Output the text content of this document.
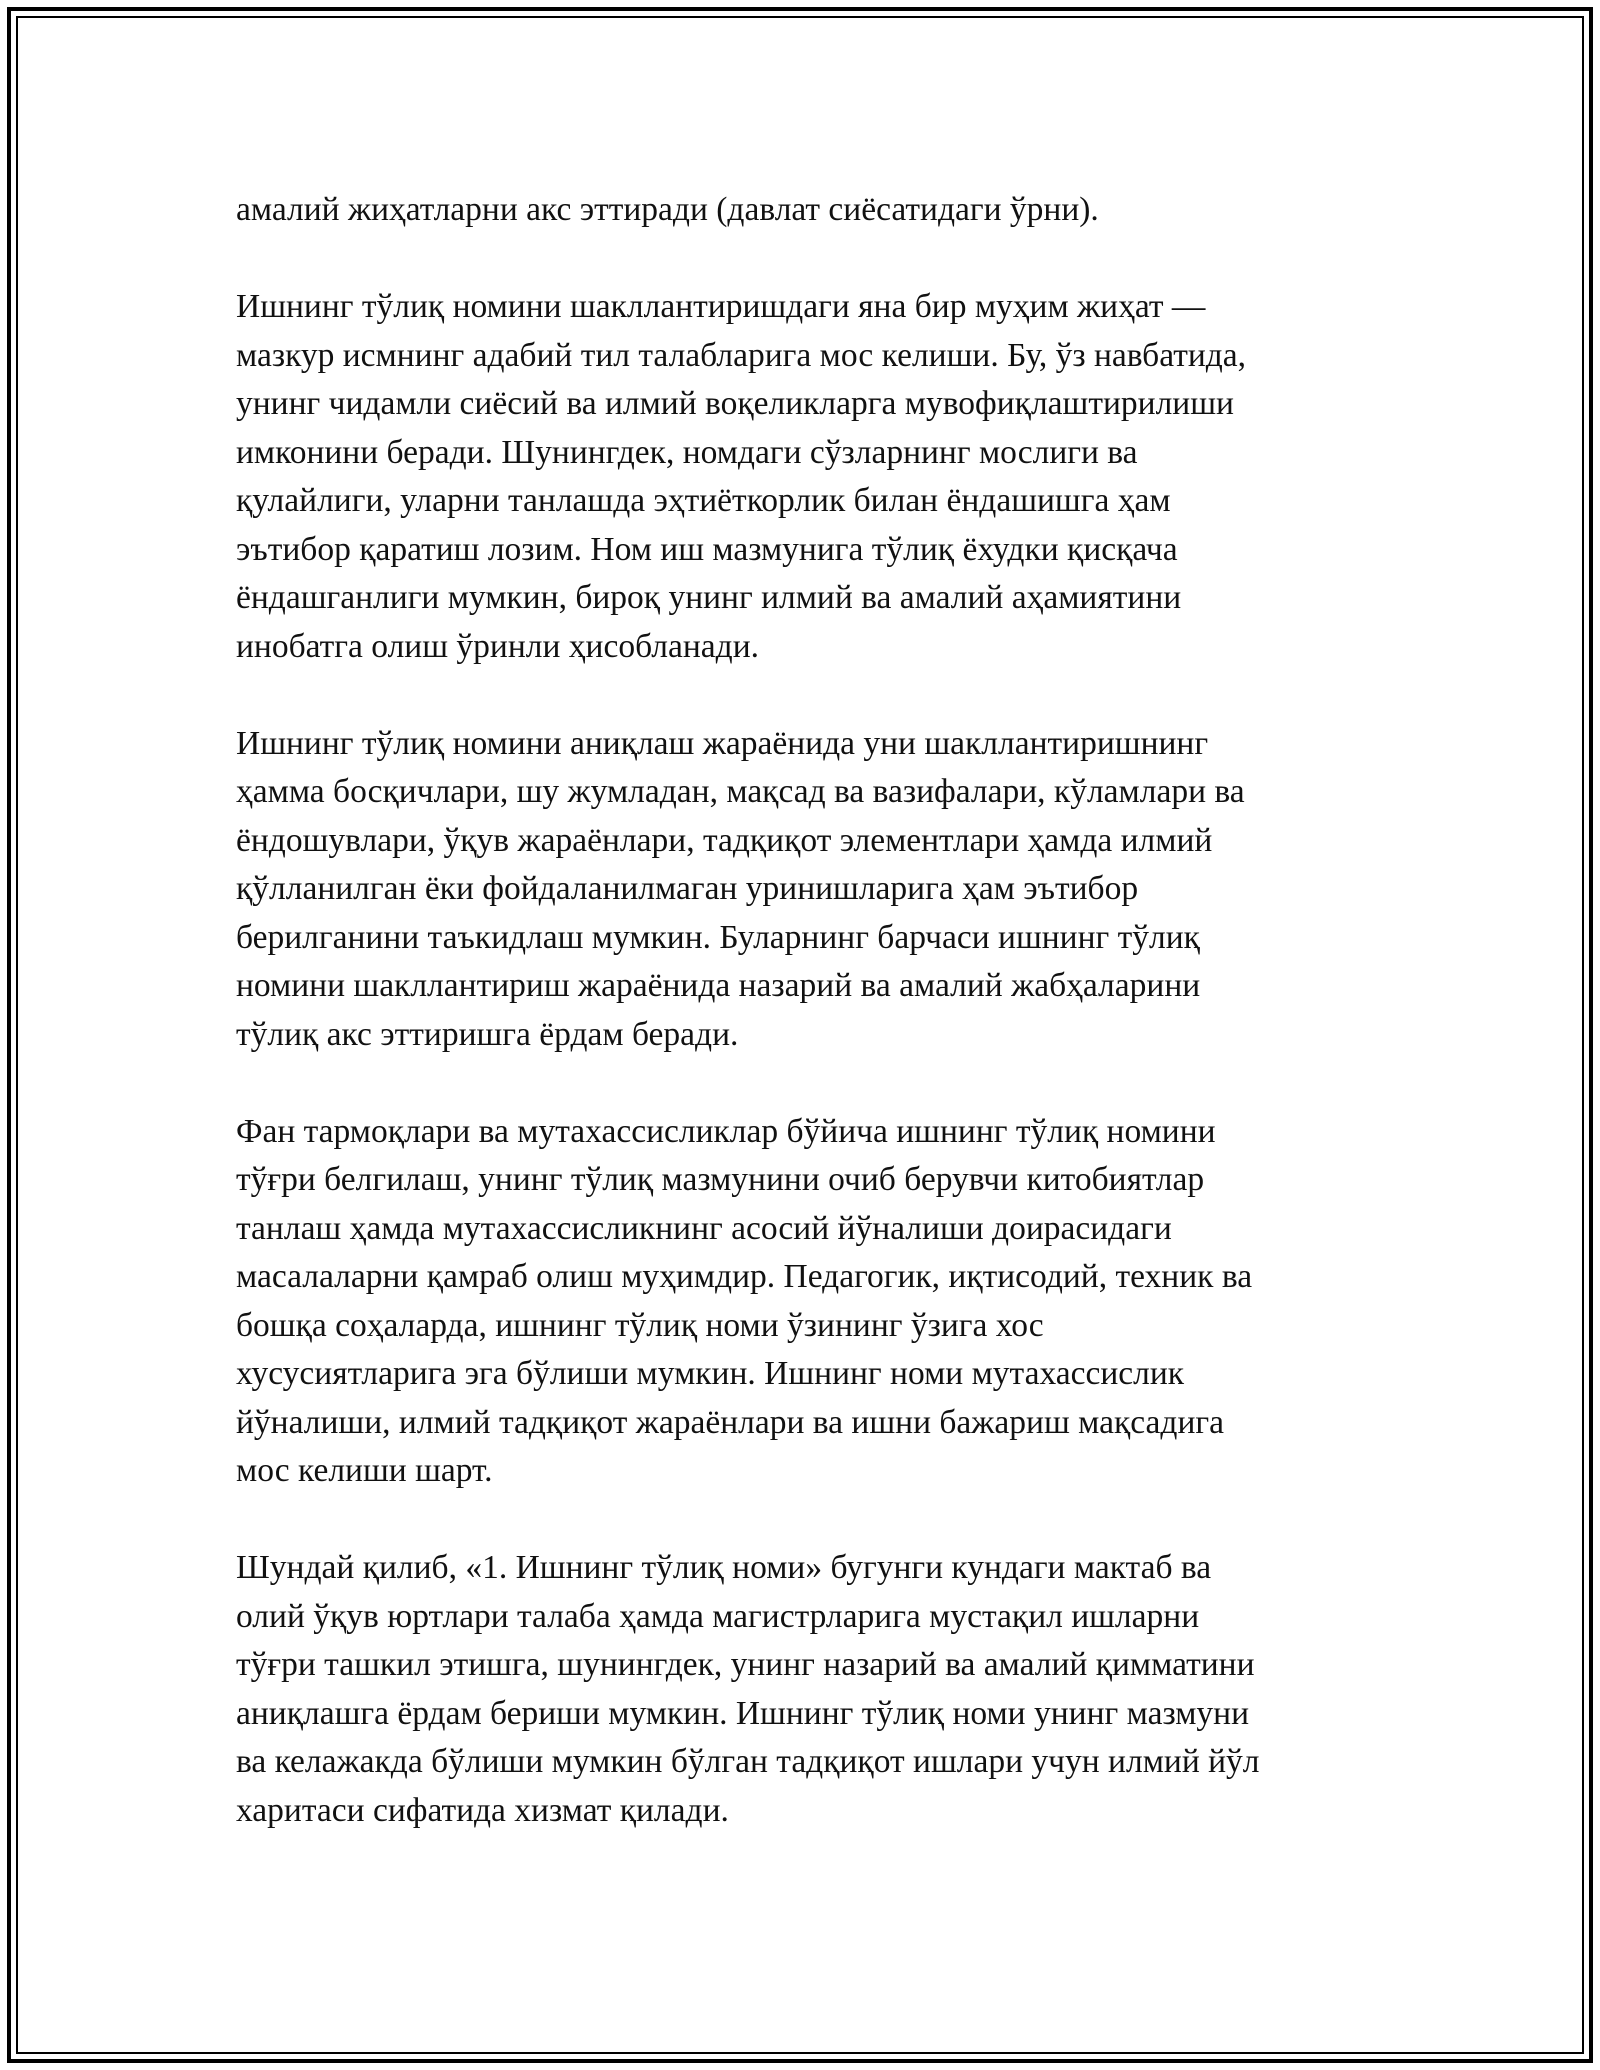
амалий жиҳатларни акс эттиради (давлат сиёсатидаги ўрни).

Ишнинг тўлиқ номини шакллантиришдаги яна бир муҳим жиҳат —
мазкур исмнинг адабий тил талабларига мос келиши. Бу, ўз навбатида,
унинг чидамли сиёсий ва илмий воқеликларга мувофиқлаштирилиши
имконини беради. Шунингдек, номдаги сўзларнинг мослиги ва
қулайлиги, уларни танлашда эҳтиёткорлик билан ёндашишга ҳам
эътибор қаратиш лозим. Ном иш мазмунига тўлиқ ёхудки қисқача
ёндашганлиги мумкин, бироқ унинг илмий ва амалий аҳамиятини
инобатга олиш ўринли ҳисобланади.

Ишнинг тўлиқ номини аниқлаш жараёнида уни шакллантиришнинг
ҳамма босқичлари, шу жумладан, мақсад ва вазифалари, кўламлари ва
ёндошувлари, ўқув жараёнлари, тадқиқот элементлари ҳамда илмий
қўлланилган ёки фойдаланилмаган уринишларига ҳам эътибор
берилганини таъкидлаш мумкин. Буларнинг барчаси ишнинг тўлиқ
номини шакллантириш жараёнида назарий ва амалий жабҳаларини
тўлиқ акс эттиришга ёрдам беради.

Фан тармоқлари ва мутахассисликлар бўйича ишнинг тўлиқ номини
тўғри белгилаш, унинг тўлиқ мазмунини очиб берувчи китобиятлар
танлаш ҳамда мутахассисликнинг асосий йўналиши доирасидаги
масалаларни қамраб олиш муҳимдир. Педагогик, иқтисодий, техник ва
бошқа соҳаларда, ишнинг тўлиқ номи ўзининг ўзига хос
хусусиятларига эга бўлиши мумкин. Ишнинг номи мутахассислик
йўналиши, илмий тадқиқот жараёнлари ва ишни бажариш мақсадига
мос келиши шарт.

Шундай қилиб, «1. Ишнинг тўлиқ номи» бугунги кундаги мактаб ва
олий ўқув юртлари талаба ҳамда магистрларига мустақил ишларни
тўғри ташкил этишга, шунингдек, унинг назарий ва амалий қимматини
аниқлашга ёрдам бериши мумкин. Ишнинг тўлиқ номи унинг мазмуни
ва келажакда бўлиши мумкин бўлган тадқиқот ишлари учун илмий йўл
харитаси сифатида хизмат қилади.
